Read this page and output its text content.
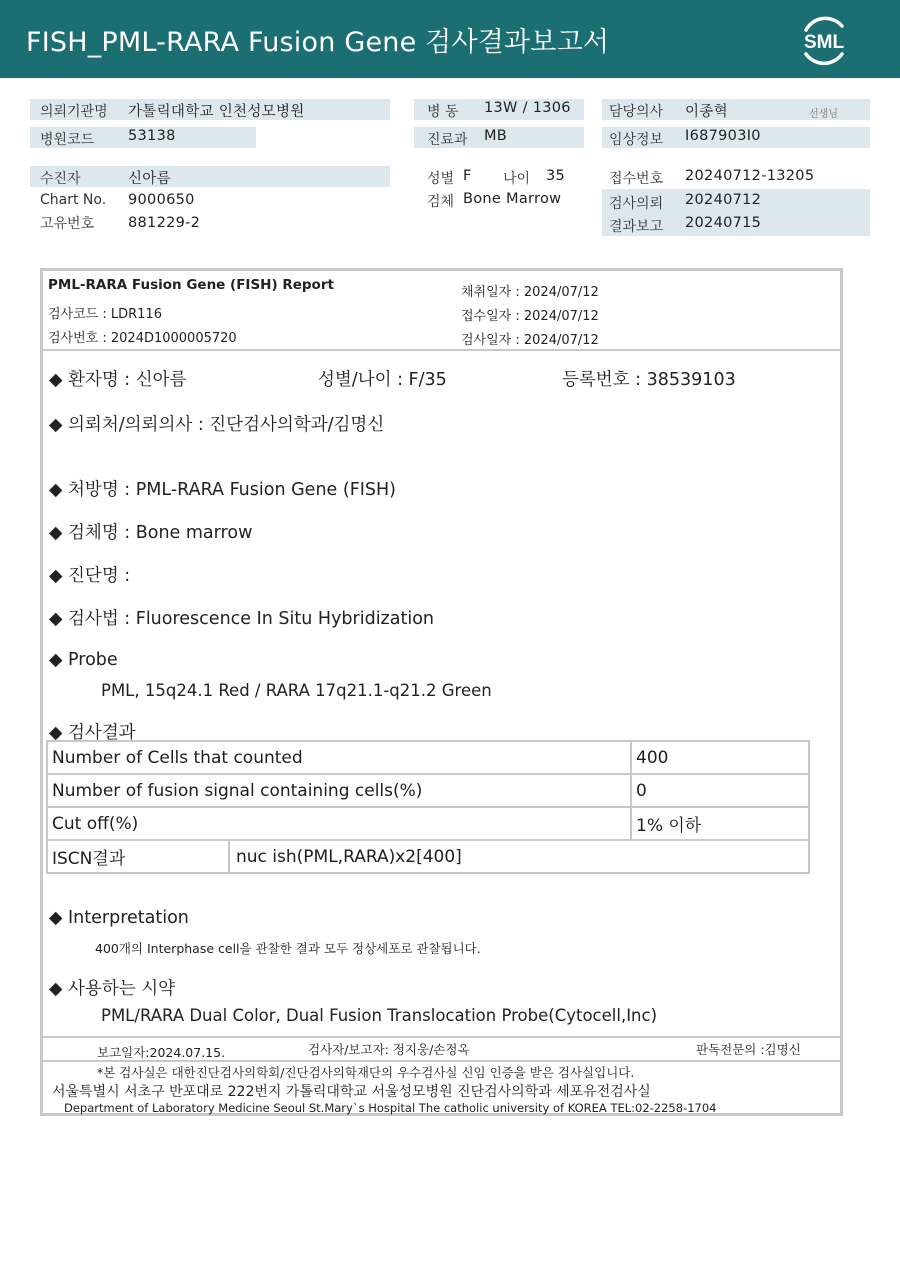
FISH_PML-RARA Fusion Gene 검사결과보고서	SML
의뢰기관명 가톨릭대학교 인천성모병원
병원코드 53138
병 동 13W / 1306
진료과 MB
담당의사 이종혁	선생님
임상정보 I687903I0
수진자	신아름
Chart No. 9000650
고유번호 881229-2
성별 F 나이 35
검체 Bone Marrow
접수번호 20240712-13205
검사의뢰 20240712
결과보고 20240715
PML-RARA Fusion Gene (FISH) Report
검사코드 : LDR116
검사번호 : 2024D1000005720
채취일자 : 2024/07/12
접수일자 : 2024/07/12
검사일자 : 2024/07/12
◆ 환자명 : 신아름	성별/나이 : F/35	등록번호 : 38539103
◆ 의뢰처/의뢰의사 : 진단검사의학과/김명신
◆ 처방명 : PML-RARA Fusion Gene (FISH)
◆ 검체명 : Bone marrow
◆ 진단명 :
◆ 검사법 : Fluorescence In Situ Hybridization
◆ Probe
PML, 15q24.1 Red / RARA 17q21.1-q21.2 Green
◆ 검사결과
Number of Cells that counted	400
Number of fusion signal containing cells(%)	0
Cut off(%)	1% 이하

ISCN결과 nuc ish(PML,RARA)x2[400]	
◆ Interpretation
400개의 Interphase cell을 관찰한 결과 모두 정상세포로 관찰됩니다.
◆ 사용하는 시약
PML/RARA Dual Color, Dual Fusion Translocation Probe(Cytocell,Inc)
보고일자:2024.07.15.	검사자/보고자: 정지웅/손정옥	판독전문의 :김명신
*본 검사실은 대한진단검사의학회/진단검사의학재단의 우수검사실 신임 인증을 받은 검사실입니다.
서울특별시 서초구 반포대로 222번지 가톨릭대학교 서울성모병원 진단검사의학과 세포유전검사실
Department of Laboratory Medicine Seoul St.Mary`s Hospital The catholic university of KOREA TEL:02-2258-1704
